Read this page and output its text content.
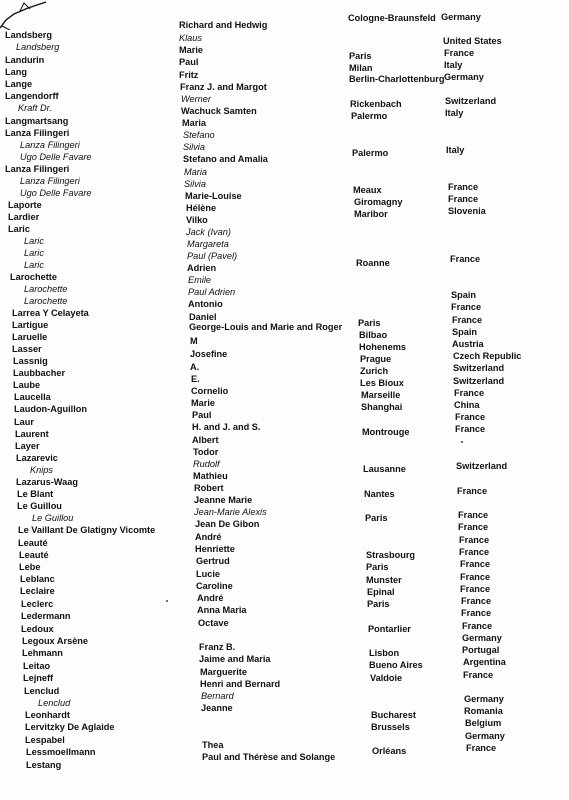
Landsberg
Landsberg
Landurin
Lang
Lange
Langendorff
Kraft Dr.
Langmartsang
Lanza Filingeri
Lanza Filingeri
Ugo Delle Favare
Lanza Filingeri
Lanza Filingeri
Ugo Delle Favare
Laporte
Lardier
Laric
Laric
Laric
Laric
Larochette
Larochette
Larochette
Larrea Y Celayeta
Lartigue
Laruelle
Lasser
Lassnig
Laubbacher
Laube
Laucella
Laudon-Aguillon
Laur
Laurent
Layer
Lazarevic
Knips
Lazarus-Waag
Le Blant
Le Guillou
Le Guillou
Le Vaillant De Glatigny Vicomte
Leauté
Leauté
Lebe
Leblanc
Leclaire
Leclerc
Ledermann
Ledoux
Legoux Arsène
Lehmann
Leitao
Lejneff
Lenclud
Lenclud
Leonhardt
Lervitzky De Aglaide
Lespabel
Lessmoellmann
Lestang
Richard and Hedwig
Klaus
Marie
Paul
Fritz
Franz J. and Margot
Werner
Wachuck Samten
Maria
Stefano
Silvia
Stefano and Amalia
Maria
Silvia
Marie-Louise
Hélène
Vilko
Jack (Ivan)
Margareta
Paul (Pavel)
Adrien
Emile
Paul Adrien
Antonio
Daniel
George-Louis and Marie and Roger
M
Josefine
A.
E.
Cornelio
Marie
Paul
H. and J. and S.
Albert
Todor
Rudolf
Mathieu
Robert
Jeanne Marie
Jean-Marie Alexis
Jean De Gibon
André
Henriette
Gertrud
Lucie
Caroline
André
Anna Maria
Octave
Franz B.
Jaime and Maria
Marguerite
Henri and Bernard
Bernard
Jeanne
Thea
Paul and Thérèse and Solange
Cologne-Braunsfeld
Paris
Milan
Berlin-Charlottenburg
Rickenbach
Palermo
Palermo
Meaux
Giromagny
Maribor
Roanne
Paris
Bilbao
Hohenems
Prague
Zurich
Les Bioux
Marseille
Shanghai
Montrouge
Lausanne
Nantes
Paris
Strasbourg
Paris
Munster
Epinal
Paris
Pontarlier
Lisbon
Bueno Aires
Valdoie
Bucharest
Brussels
Orléans
Germany
United States
France
Italy
Germany
Switzerland
Italy
Italy
France
France
Slovenia
France
Spain
France
France
Spain
Austria
Czech Republic
Switzerland
Switzerland
France
China
France
France
Switzerland
France
France
France
France
France
France
France
France
France
France
France
Germany
Portugal
Argentina
France
Germany
Romania
Belgium
Germany
France
